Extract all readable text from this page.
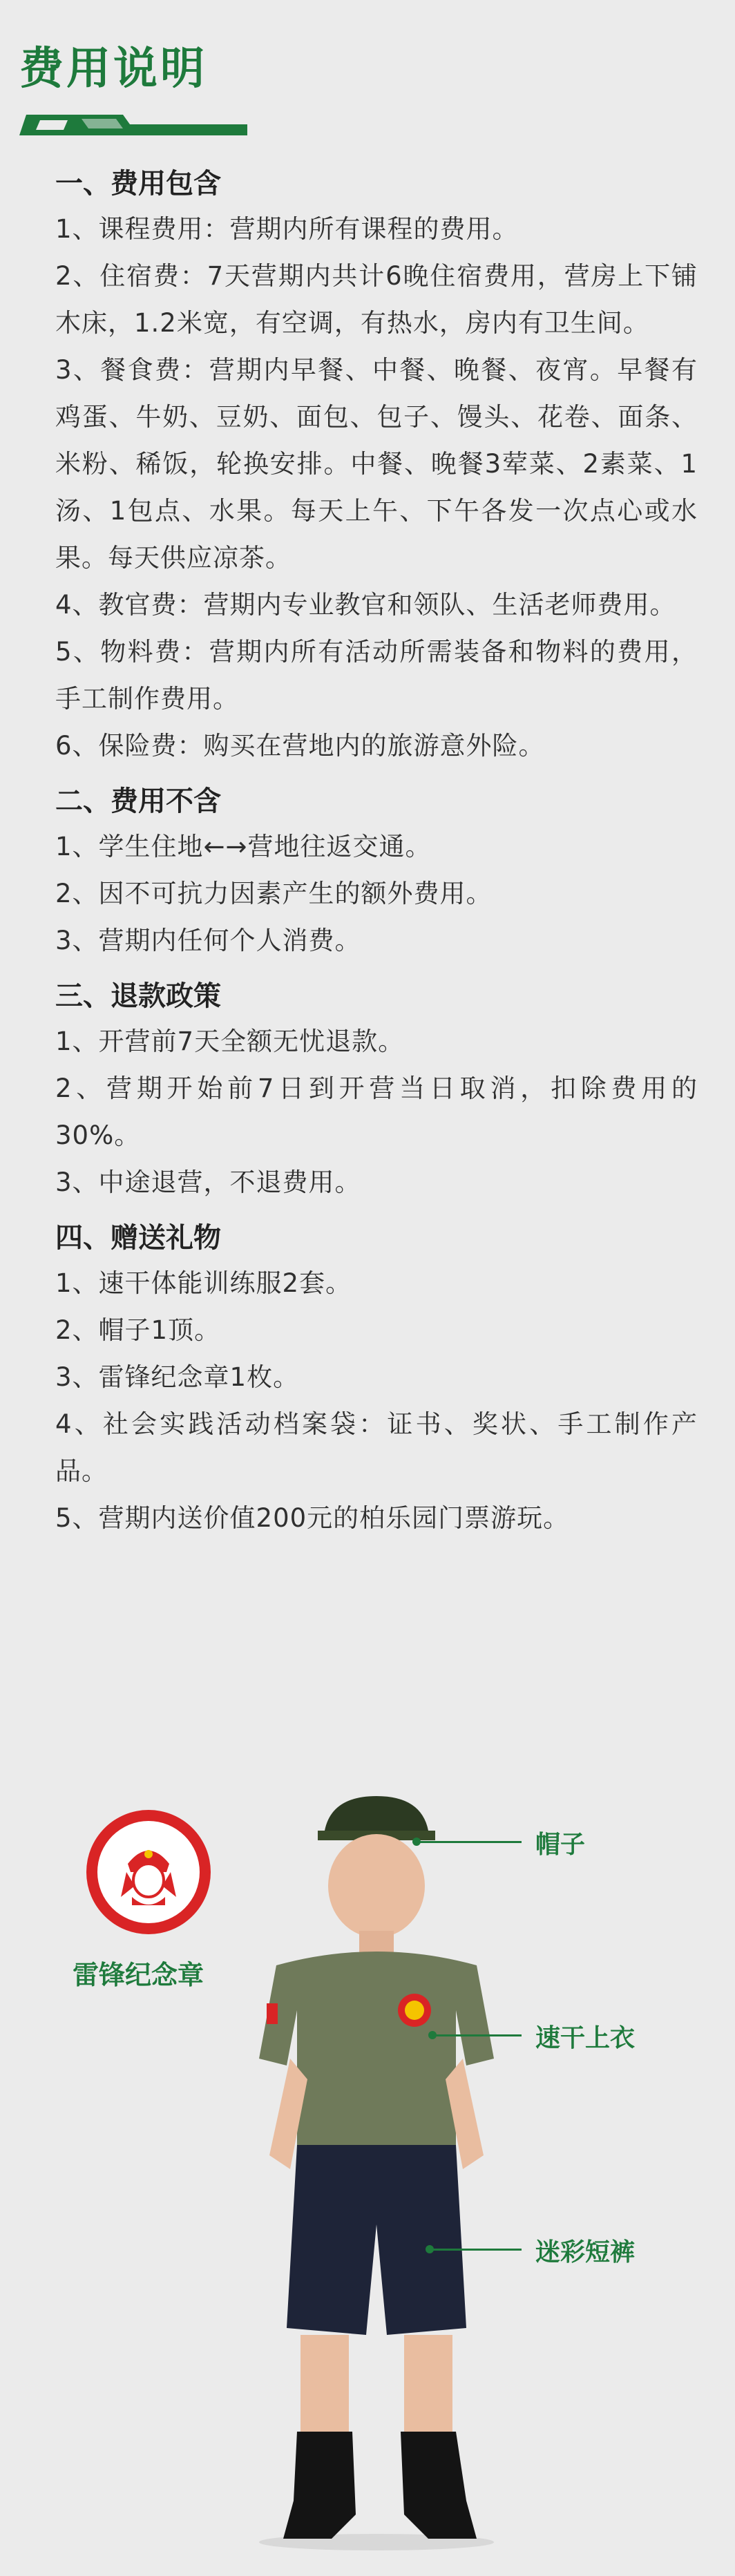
费用说明
一、费用包含
1、课程费用：营期内所有课程的费用。
2、住宿费：7天营期内共计6晚住宿费用，营房上下铺木床，1.2米宽，有空调，有热水，房内有卫生间。
3、餐食费：营期内早餐、中餐、晚餐、夜宵。早餐有鸡蛋、牛奶、豆奶、面包、包子、馒头、花卷、面条、米粉、稀饭，轮换安排。中餐、晚餐3荤菜、2素菜、1汤、1包点、水果。每天上午、下午各发一次点心或水果。每天供应凉茶。
4、教官费：营期内专业教官和领队、生活老师费用。
5、物料费：营期内所有活动所需装备和物料的费用，手工制作费用。
6、保险费：购买在营地内的旅游意外险。
二、费用不含
1、学生住地←→营地往返交通。
2、因不可抗力因素产生的额外费用。
3、营期内任何个人消费。
三、退款政策
1、开营前7天全额无忧退款。
2、营期开始前7日到开营当日取消，扣除费用的30%。
3、中途退营，不退费用。
四、赠送礼物
1、速干体能训练服2套。
2、帽子1顶。
3、雷锋纪念章1枚。
4、社会实践活动档案袋：证书、奖状、手工制作产品。
5、营期内送价值200元的柏乐园门票游玩。
雷锋纪念章
帽子
速干上衣
迷彩短裤
